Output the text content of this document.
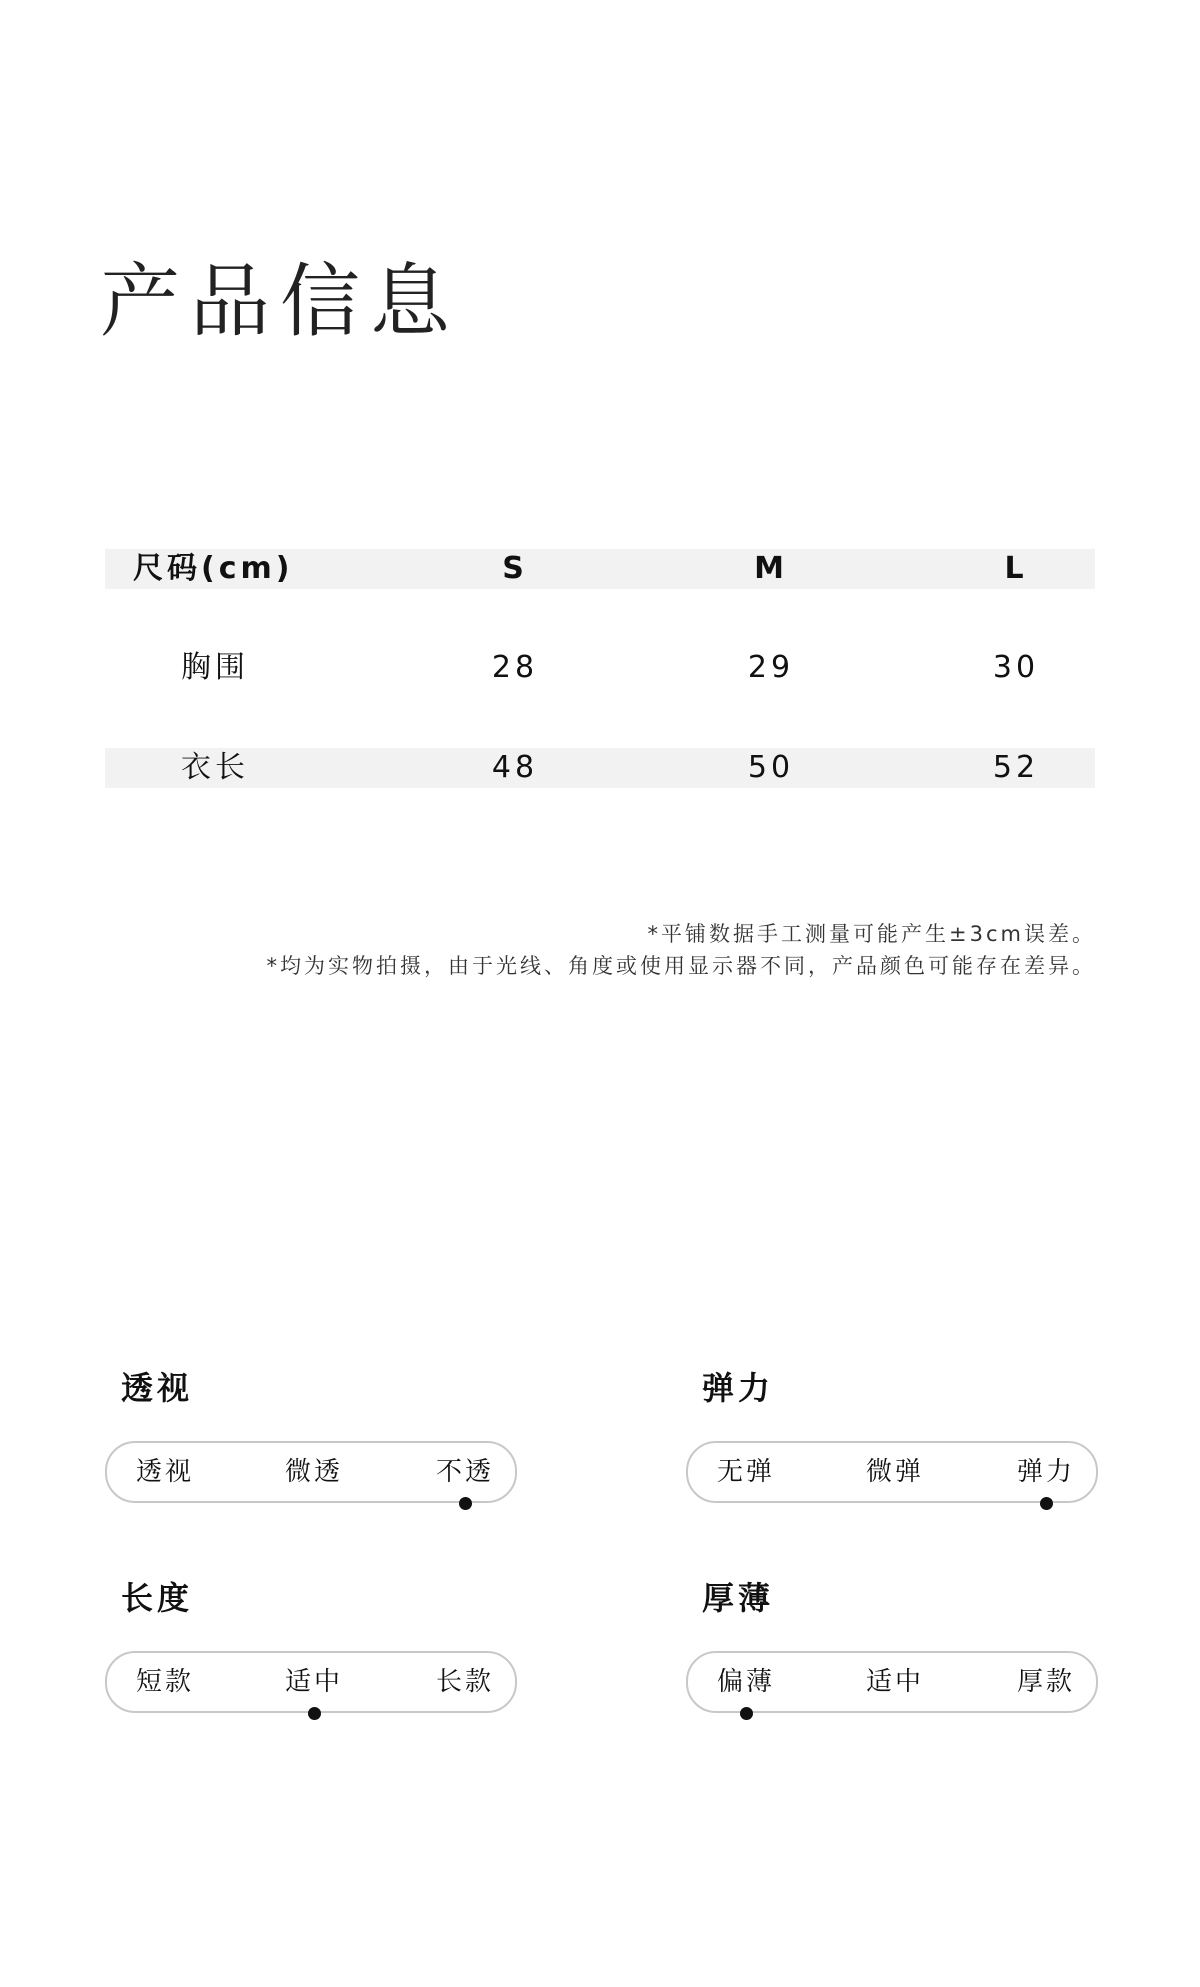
产品信息
尺码(cm)	S	M	L
胸围	28	29	30
衣长	48	50	52
*平铺数据手工测量可能产生±3cm误差。
*均为实物拍摄，由于光线、角度或使用显示器不同，产品颜色可能存在差异。
透视
透视	微透	不透
弹力
无弹	微弹	弹力
长度
短款	适中	长款
厚薄
偏薄	适中	厚款
